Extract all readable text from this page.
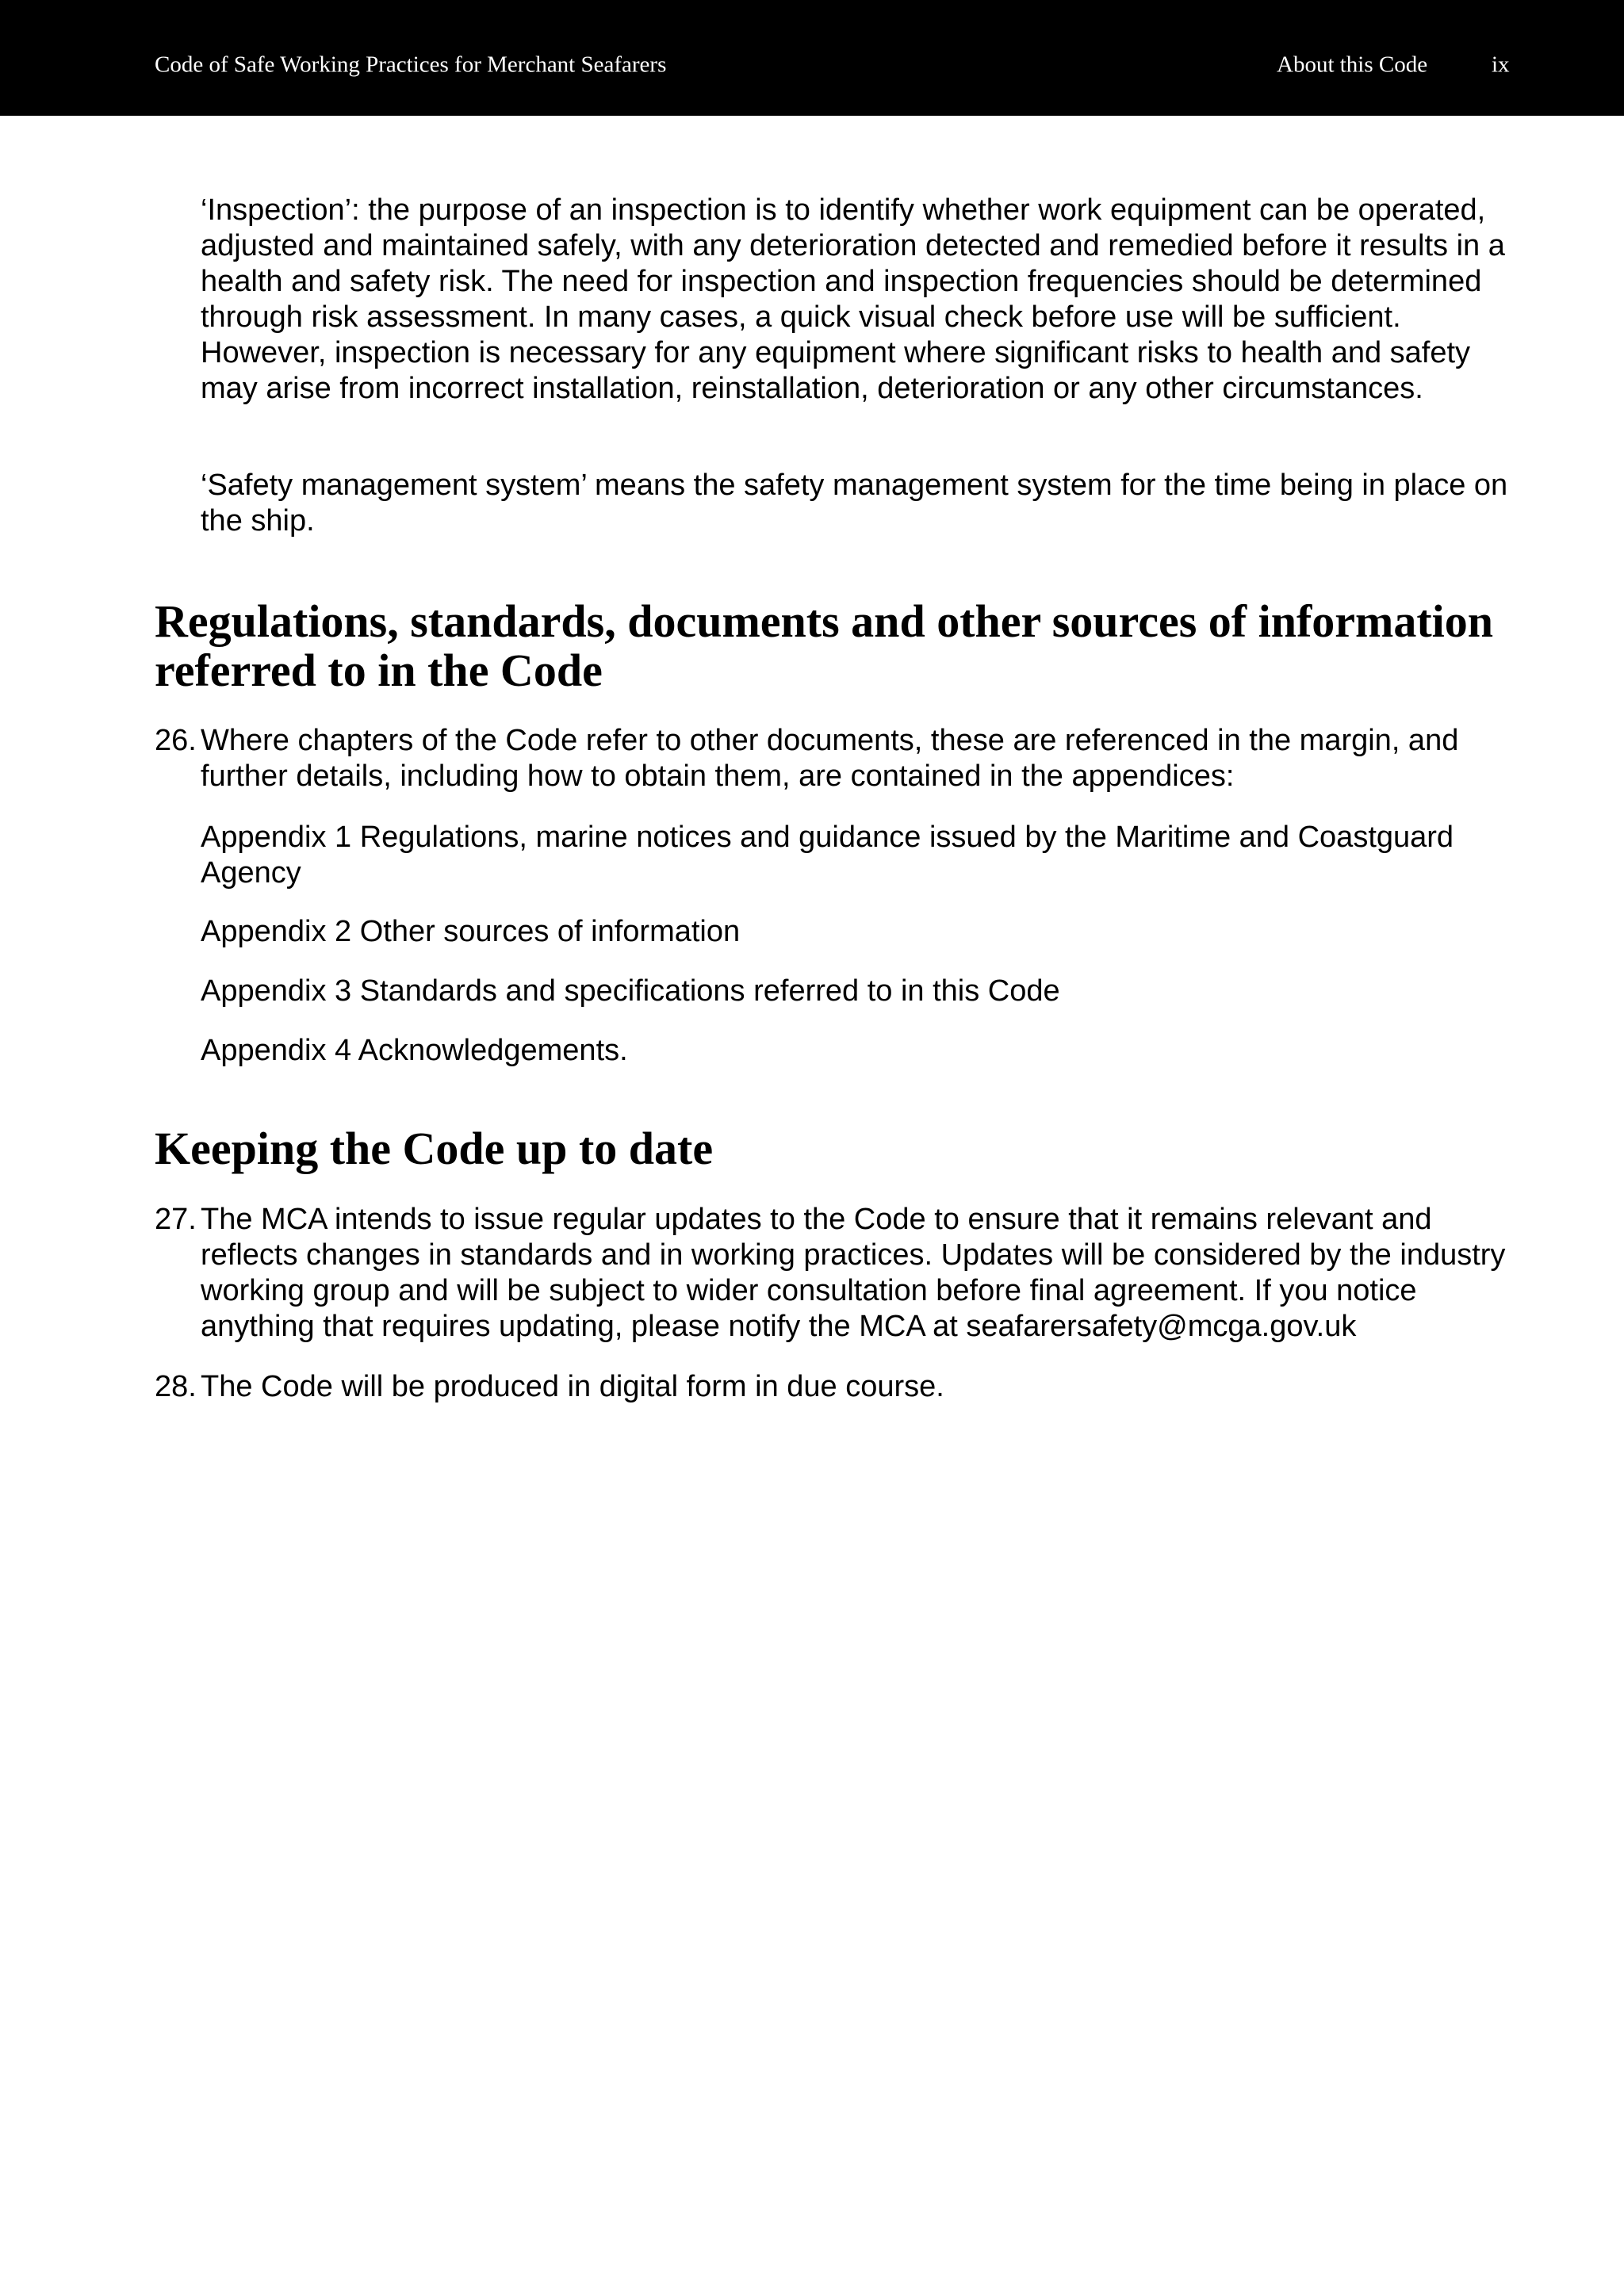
Code of Safe Working Practices for Merchant Seafarers	About this Code	ix

‘Inspection’: the purpose of an inspection is to identify whether work equipment can be operated, adjusted and maintained safely, with any deterioration detected and remedied before it results in a health and safety risk. The need for inspection and inspection frequencies should be determined through risk assessment. In many cases, a quick visual check before use will be sufficient. However, inspection is necessary for any equipment where significant risks to health and safety may arise from incorrect installation, reinstallation, deterioration or any other circumstances.

‘Safety management system’ means the safety management system for the time being in place on the ship.

Regulations, standards, documents and other sources of information referred to in the Code
26. Where chapters of the Code refer to other documents, these are referenced in the margin, and further details, including how to obtain them, are contained in the appendices:

Appendix 1 Regulations, marine notices and guidance issued by the Maritime and Coastguard Agency

Appendix 2 Other sources of information

Appendix 3 Standards and specifications referred to in this Code

Appendix 4 Acknowledgements.

Keeping the Code up to date
27. The MCA intends to issue regular updates to the Code to ensure that it remains relevant and reflects changes in standards and in working practices. Updates will be considered by the industry working group and will be subject to wider consultation before final agreement. If you notice anything that requires updating, please notify the MCA at seafarersafety@mcga.gov.uk
28. The Code will be produced in digital form in due course.
